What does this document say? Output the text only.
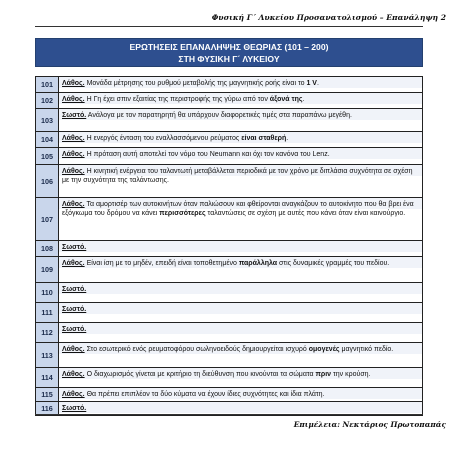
Φυσική Γ΄ Λυκείου Προσανατολισμού – Επανάληψη 2
ΕΡΩΤΗΣΕΙΣ ΕΠΑΝΑΛΗΨΗΣ ΘΕΩΡΙΑΣ (101 – 200)
ΣΤΗ ΦΥΣΙΚΗ Γ΄ ΛΥΚΕΙΟΥ
101	Λάθος. Μονάδα μέτρησης του ρυθμού μεταβολής της μαγνητικής ροής είναι το 1 V.
102	Λάθος. Η Γη έχει σπιν εξαιτίας της περιστροφής της γύρω από τον άξονά της.
103	Σωστό. Ανάλογα με τον παρατηρητή θα υπάρχουν διαφορετικές τιμές στα παραπάνω μεγέθη.
104	Λάθος. Η ενεργός ένταση του εναλλασσόμενου ρεύματος είναι σταθερή.
105	Λάθος. Η πρόταση αυτή αποτελεί τον νόμο του Neumann και όχι τον κανόνα του Lenz.
106	Λάθος. Η κινητική ενέργεια του ταλαντωτή μεταβάλλεται περιοδικά με τον χρόνο με διπλάσια συχνότητα σε σχέση με την συχνότητα της ταλάντωσης.
107	Λάθος. Τα αμορτισέρ των αυτοκινήτων όταν παλιώσουν και φθείρονται αναγκάζουν το αυτοκίνητο που θα βρει ένα εξόγκωμα του δρόμου να κάνει περισσότερες ταλαντώσεις σε σχέση με αυτές που κάνει όταν είναι καινούργιο.
108	Σωστό.
109	Λάθος. Είναι ίση με το μηδέν, επειδή είναι τοποθετημένο παράλληλα στις δυναμικές γραμμές του πεδίου.
110	Σωστό.
111	Σωστό.
112	Σωστό.
113	Λάθος. Στο εσωτερικό ενός ρευματοφόρου σωληνοειδούς δημιουργείται ισχυρό ομογενές μαγνητικό πεδίο.
114	Λάθος. Ο διαχωρισμός γίνεται με κριτήριο τη διεύθυνση που κινούνται τα σώματα πριν την κρούση.
115	Λάθος. Θα πρέπει επιπλέον τα δύο κύματα να έχουν ίδιες συχνότητες και ίδια πλάτη.
116	Σωστό.
Επιμέλεια: Νεκτάριος Πρωτοπαπάς
